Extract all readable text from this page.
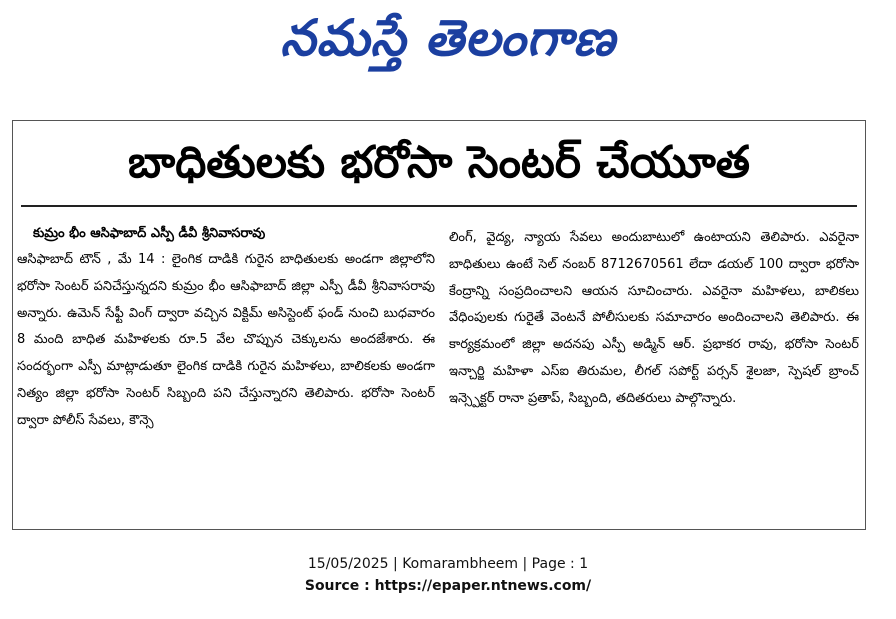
నమస్తే తెలంగాణ
బాధితులకు భరోసా సెంటర్ చేయూత
కుమ్రం భీం ఆసిఫాబాద్ ఎస్పీ డీవీ శ్రీనివాసరావు

ఆసిఫాబాద్ టౌన్ , మే 14 : లైంగిక దాడికి గురైన బాధితులకు అండగా జిల్లాలోని భరోసా సెంటర్ పనిచేస్తున్నదని కుమ్రం భీం ఆసిఫాబాద్ జిల్లా ఎస్పీ డీవీ శ్రీనివాసరావు అన్నారు. ఉమెన్ సేఫ్టీ వింగ్ ద్వారా వచ్చిన విక్టిమ్ అసిస్టెంట్ ఫండ్ నుంచి బుధవారం 8 మంది బాధిత మహిళలకు రూ.5 వేల చొప్పున చెక్కులను అందజేశారు. ఈ సందర్భంగా ఎస్పీ మాట్లాడుతూ లైంగిక దాడికి గురైన మహిళలు, బాలికలకు అండగా నిత్యం జిల్లా భరోసా సెంటర్ సిబ్బంది పని చేస్తున్నారని తెలిపారు. భరోసా సెంటర్ ద్వారా పోలీస్ సేవలు, కౌన్సె

లింగ్, వైద్య, న్యాయ సేవలు అందుబాటులో ఉంటాయని తెలిపారు. ఎవరైనా బాధితులు ఉంటే సెల్ నంబర్ 8712670561 లేదా డయల్ 100 ద్వారా భరోసా కేంద్రాన్ని సంప్రదించాలని ఆయన సూచించారు. ఎవరైనా మహిళలు, బాలికలు వేధింపులకు గురైతే వెంటనే పోలీసులకు సమాచారం అందించాలని తెలిపారు. ఈ కార్యక్రమంలో జిల్లా అదనపు ఎస్పీ అడ్మిన్ ఆర్. ప్రభాకర రావు, భరోసా సెంటర్ ఇన్చార్జి మహిళా ఎస్ఐ తిరుమల, లీగల్ సపోర్ట్ పర్సన్ శైలజా, స్పెషల్ బ్రాంచ్ ఇన్స్పెక్టర్ రానా ప్రతాప్, సిబ్బంది, తదితరులు పాల్గొన్నారు.

15/05/2025 | Komarambheem | Page : 1
Source : https://epaper.ntnews.com/
